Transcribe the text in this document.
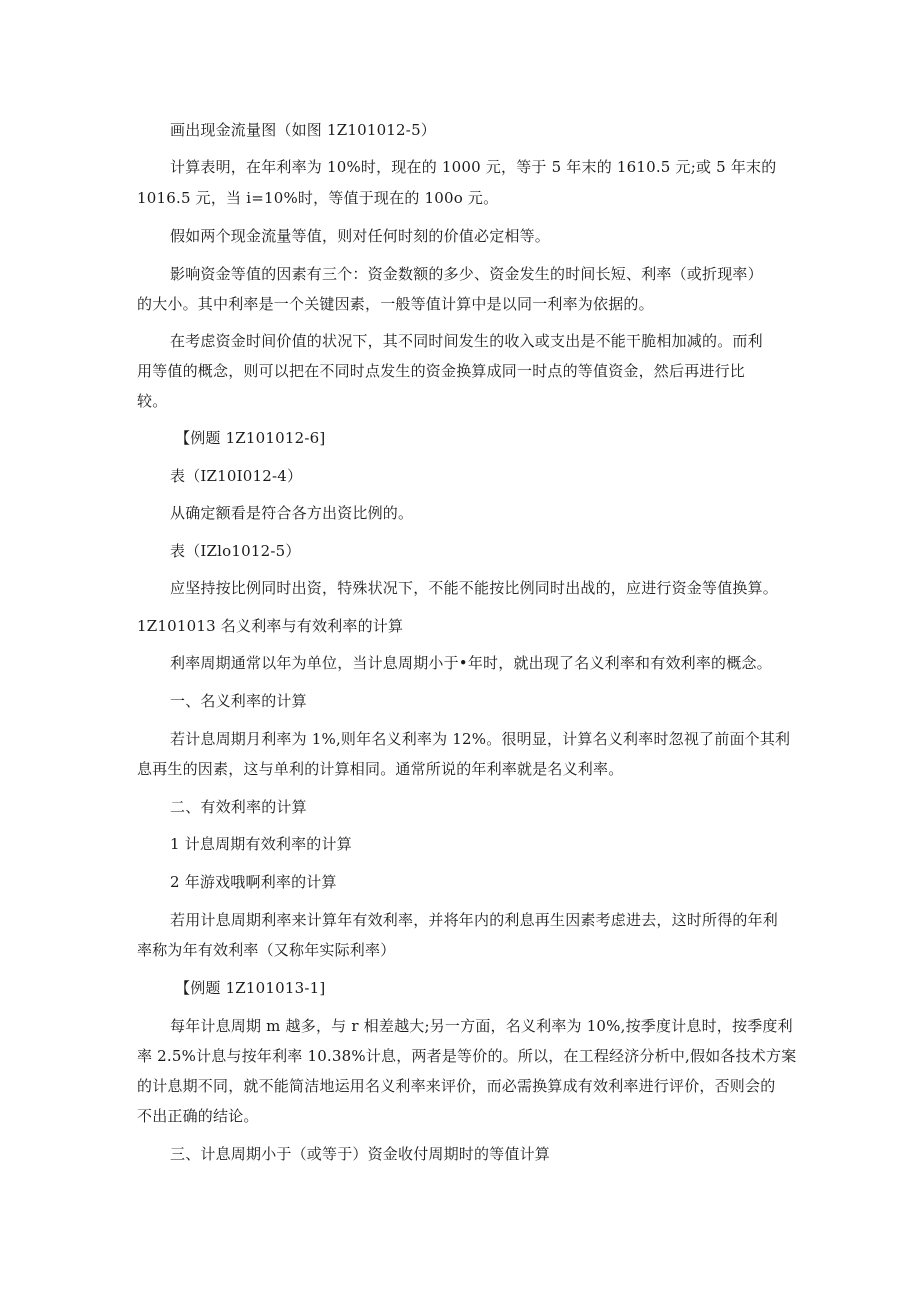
画出现金流量图（如图 1Z101012-5）

计算表明，在年利率为 10%时，现在的 1000 元，等于 5 年末的 1610.5 元;或 5 年末的

1016.5 元，当 i=10%时，等值于现在的 100o 元。

假如两个现金流量等值，则对任何时刻的价值必定相等。

影响资金等值的因素有三个：资金数额的多少、资金发生的时间长短、利率（或折现率）

的大小。其中利率是一个关键因素，一般等值计算中是以同一利率为依据的。

在考虑资金时间价值的状况下，其不同时间发生的收入或支出是不能干脆相加减的。而利

用等值的概念，则可以把在不同时点发生的资金换算成同一时点的等值资金，然后再进行比

较。

【例题 1Z101012-6]

表（IZ10I012-4）

从确定额看是符合各方出资比例的。

表（IZlo1012-5）

应坚持按比例同时出资，特殊状况下，不能不能按比例同时出战的，应进行资金等值换算。

1Z101013 名义利率与有效利率的计算

利率周期通常以年为单位，当计息周期小于•年时，就出现了名义利率和有效利率的概念。

一、名义利率的计算

若计息周期月利率为 1%,则年名义利率为 12%。很明显，计算名义利率时忽视了前面个其利

息再生的因素，这与单利的计算相同。通常所说的年利率就是名义利率。

二、有效利率的计算

1 计息周期有效利率的计算

2 年游戏哦啊利率的计算

若用计息周期利率来计算年有效利率，并将年内的利息再生因素考虑进去，这时所得的年利

率称为年有效利率（又称年实际利率）

【例题 1Z101013-1]

每年计息周期 m 越多，与 r 相差越大;另一方面，名义利率为 10%,按季度计息时，按季度利

率 2.5%计息与按年利率 10.38%计息，两者是等价的。所以，在工程经济分析中,假如各技术方案

的计息期不同，就不能简洁地运用名义利率来评价，而必需换算成有效利率进行评价，否则会的

不出正确的结论。

三、计息周期小于（或等于）资金收付周期时的等值计算
